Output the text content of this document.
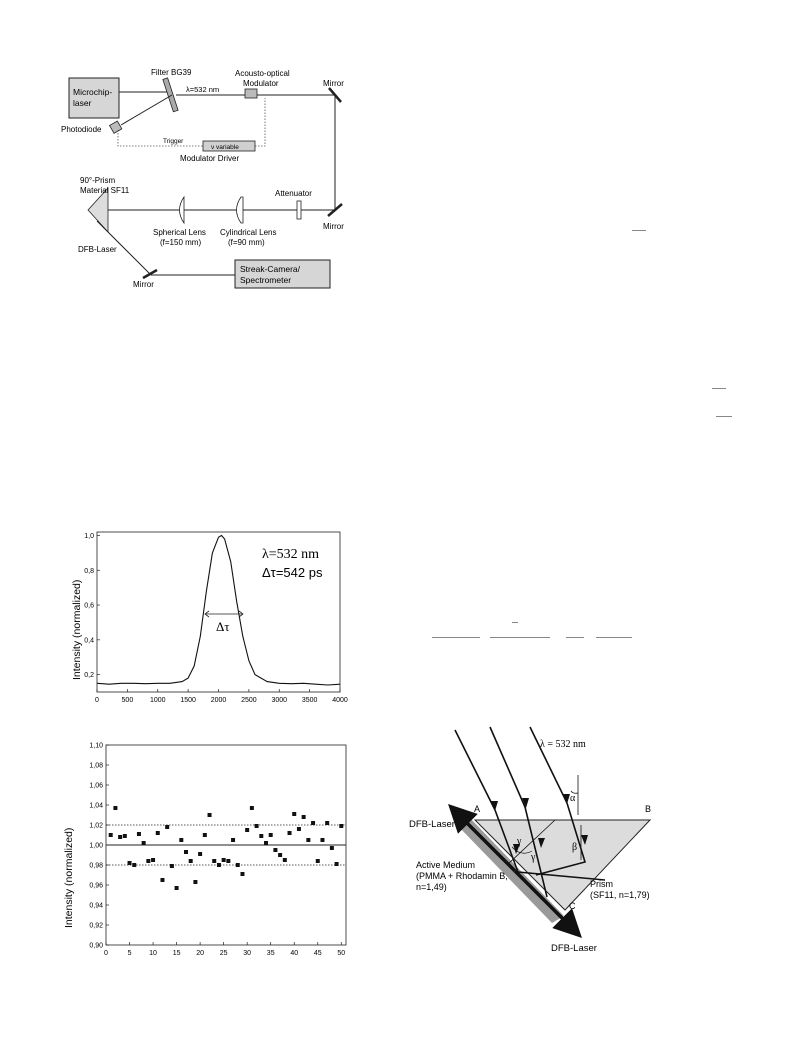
Microchip-
laser
Filter BG39
Photodiode
λ=532 nm
Acousto-optical
Modulator	Mirror
Trigger
ν variable
Modulator Driver
Mirror
Attenuator
Cylindrical Lens
(f=90 mm)
Spherical Lens
(f=150 mm)
90°-Prism
Material SF11
DFB-Laser
Mirror
Streak-Camera/
Spectrometer
0	500 1000 1500 2000 2500 3000 3500 4000
0,2
0,4
0,6
0,8
1,0
Intensity (normalized)
λ=532 nm
Δτ=542 ps
Δτ
0	5	10 15 20 25 30 35 40 45 50
0,90
0,92
0,94
0,96
0,98
1,00
1,02
1,04
1,06
1,08
1,10
Intensity (normalized)
λ = 532 nm
A	B
C
α
β
γ
γ
DFB-Laser
DFB-Laser
Active Medium
(PMMA + Rhodamin B,
n=1,49)	Prism
(SF11, n=1,79)
